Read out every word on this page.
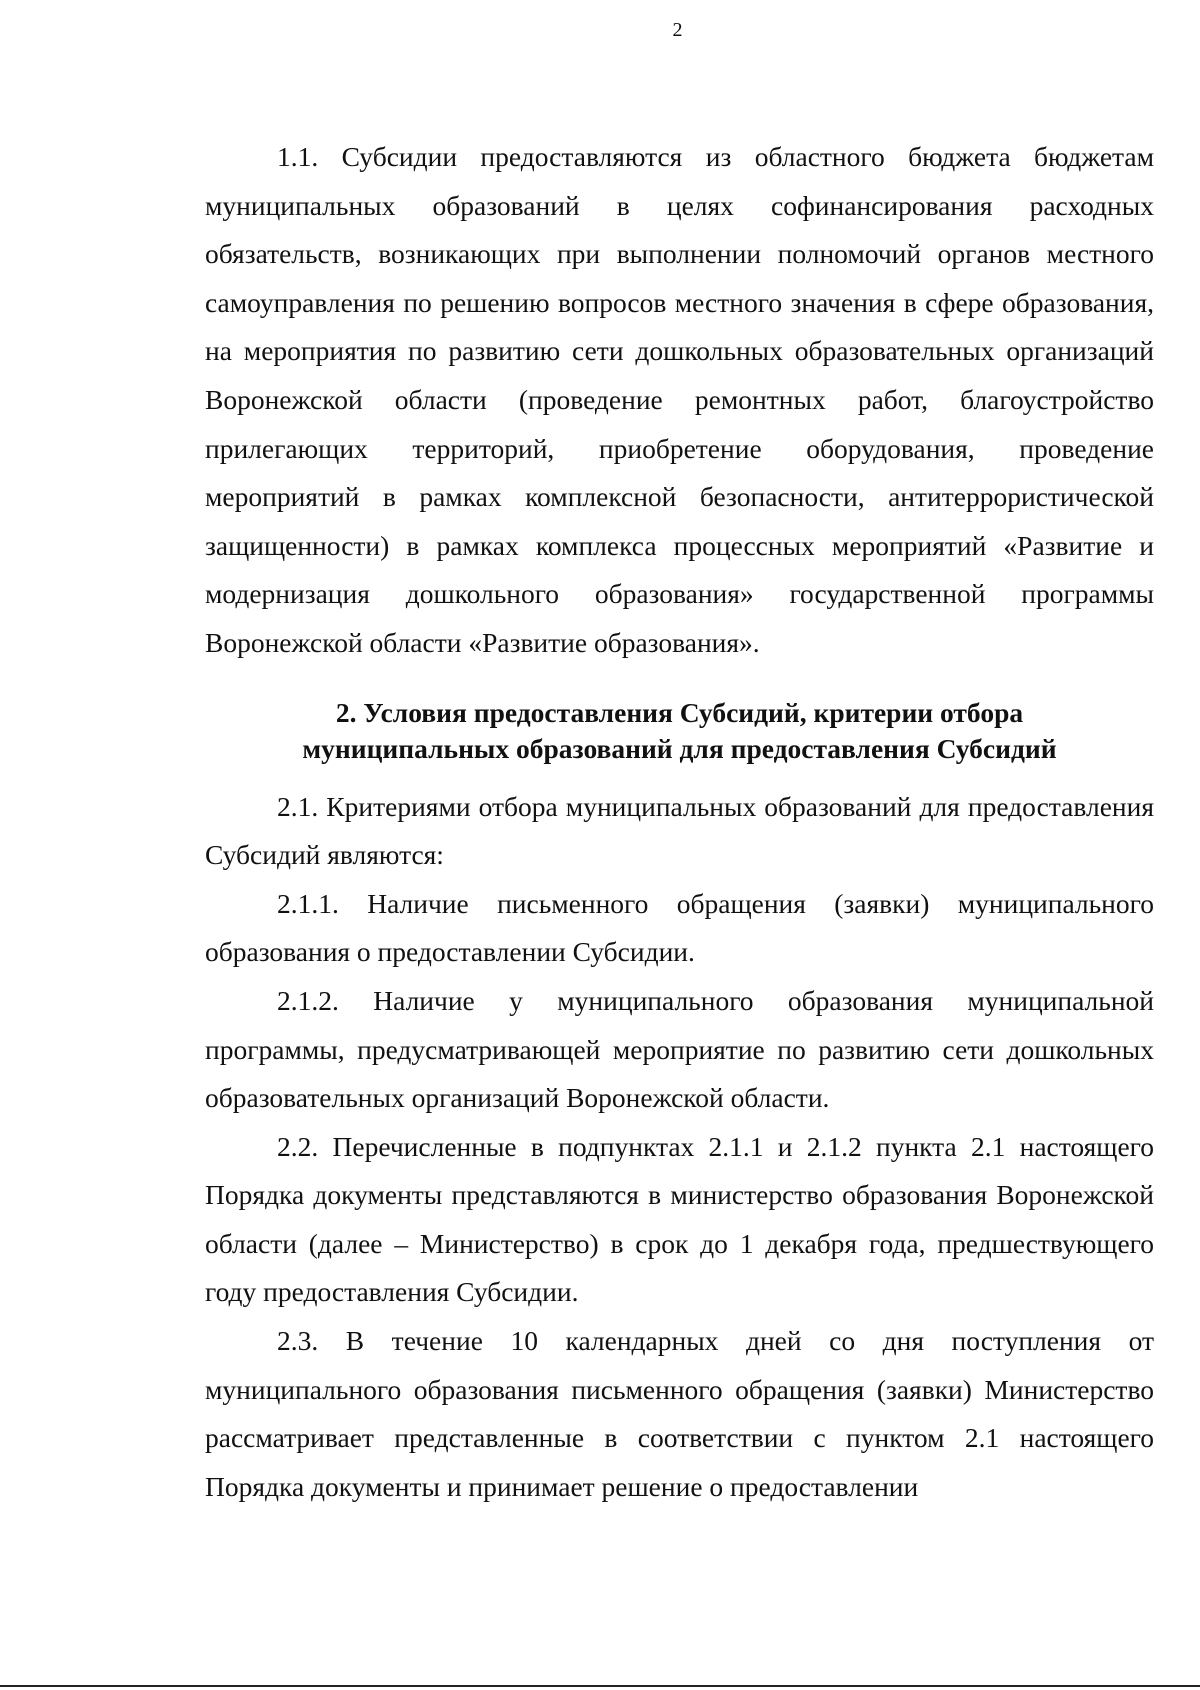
2

1.1. Субсидии предоставляются из областного бюджета бюджетам муниципальных образований в целях софинансирования расходных обязательств, возникающих при выполнении полномочий органов местного самоуправления по решению вопросов местного значения в сфере образования, на мероприятия по развитию сети дошкольных образовательных организаций Воронежской области (проведение ремонтных работ, благоустройство прилегающих территорий, приобретение оборудования, проведение мероприятий в рамках комплексной безопасности, антитеррористической защищенности) в рамках комплекса процессных мероприятий «Развитие и модернизация дошкольного образования» государственной программы Воронежской области «Развитие образования».

2. Условия предоставления Субсидий, критерии отбора
муниципальных образований для предоставления Субсидий

2.1. Критериями отбора муниципальных образований для предоставления Субсидий являются:

2.1.1. Наличие письменного обращения (заявки) муниципального образования о предоставлении Субсидии.

2.1.2. Наличие у муниципального образования муниципальной программы, предусматривающей мероприятие по развитию сети дошкольных образовательных организаций Воронежской области.

2.2. Перечисленные в подпунктах 2.1.1 и 2.1.2 пункта 2.1 настоящего Порядка документы представляются в министерство образования Воронежской области (далее – Министерство) в срок до 1 декабря года, предшествующего году предоставления Субсидии.

2.3. В течение 10 календарных дней со дня поступления от муниципального образования письменного обращения (заявки) Министерство рассматривает представленные в соответствии с пунктом 2.1 настоящего Порядка документы и принимает решение о предоставлении
